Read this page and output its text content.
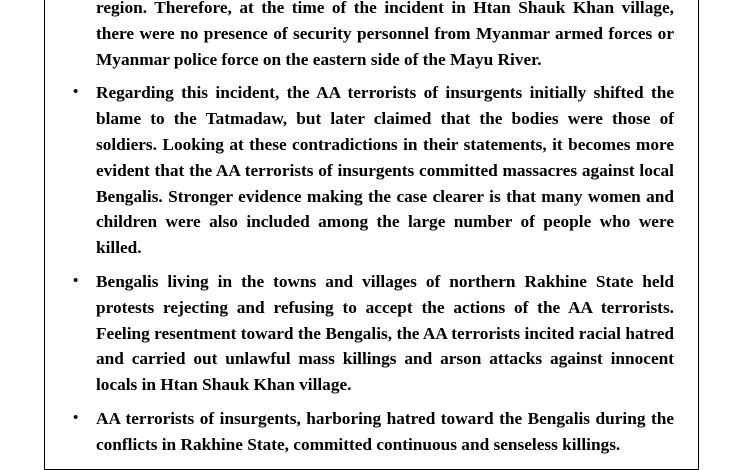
region. Therefore, at the time of the incident in Htan Shauk Khan village, there were no presence of security personnel from Myanmar armed forces or Myanmar police force on the eastern side of the Mayu River.

• Regarding this incident, the AA terrorists of insurgents initially shifted the blame to the Tatmadaw, but later claimed that the bodies were those of soldiers. Looking at these contradictions in their statements, it becomes more evident that the AA terrorists of insurgents committed massacres against local Bengalis. Stronger evidence making the case clearer is that many women and children were also included among the large number of people who were killed.
• Bengalis living in the towns and villages of northern Rakhine State held protests rejecting and refusing to accept the actions of the AA terrorists. Feeling resentment toward the Bengalis, the AA terrorists incited racial hatred and carried out unlawful mass killings and arson attacks against innocent locals in Htan Shauk Khan village.
• AA terrorists of insurgents, harboring hatred toward the Bengalis during the conflicts in Rakhine State, committed continuous and senseless killings.
